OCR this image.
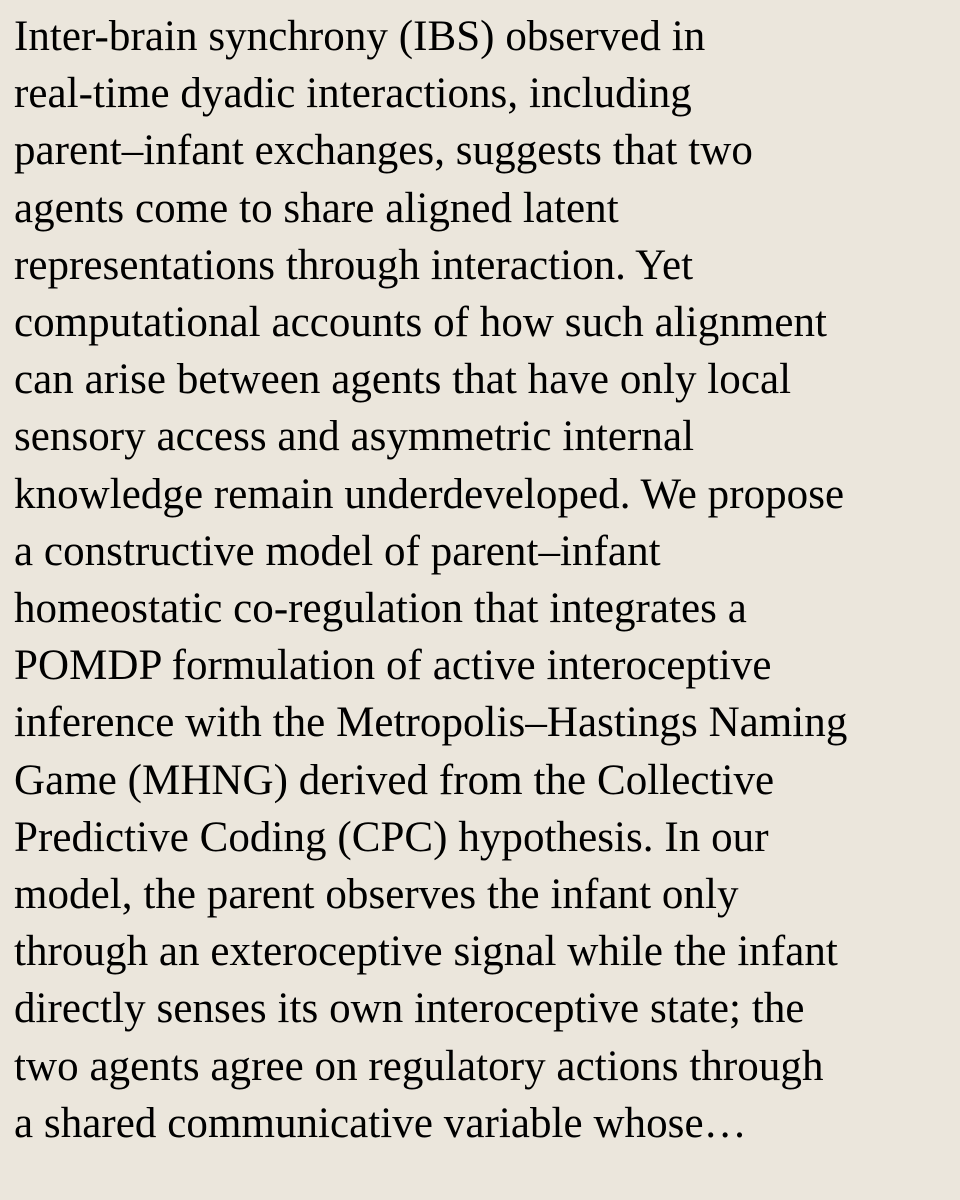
Inter-brain synchrony (IBS) observed in
real-time dyadic interactions, including
parent–infant exchanges, suggests that two
agents come to share aligned latent
representations through interaction. Yet
computational accounts of how such alignment
can arise between agents that have only local
sensory access and asymmetric internal
knowledge remain underdeveloped. We propose
a constructive model of parent–infant
homeostatic co-regulation that integrates a
POMDP formulation of active interoceptive
inference with the Metropolis–Hastings Naming
Game (MHNG) derived from the Collective
Predictive Coding (CPC) hypothesis. In our
model, the parent observes the infant only
through an exteroceptive signal while the infant
directly senses its own interoceptive state; the
two agents agree on regulatory actions through
a shared communicative variable whose…
